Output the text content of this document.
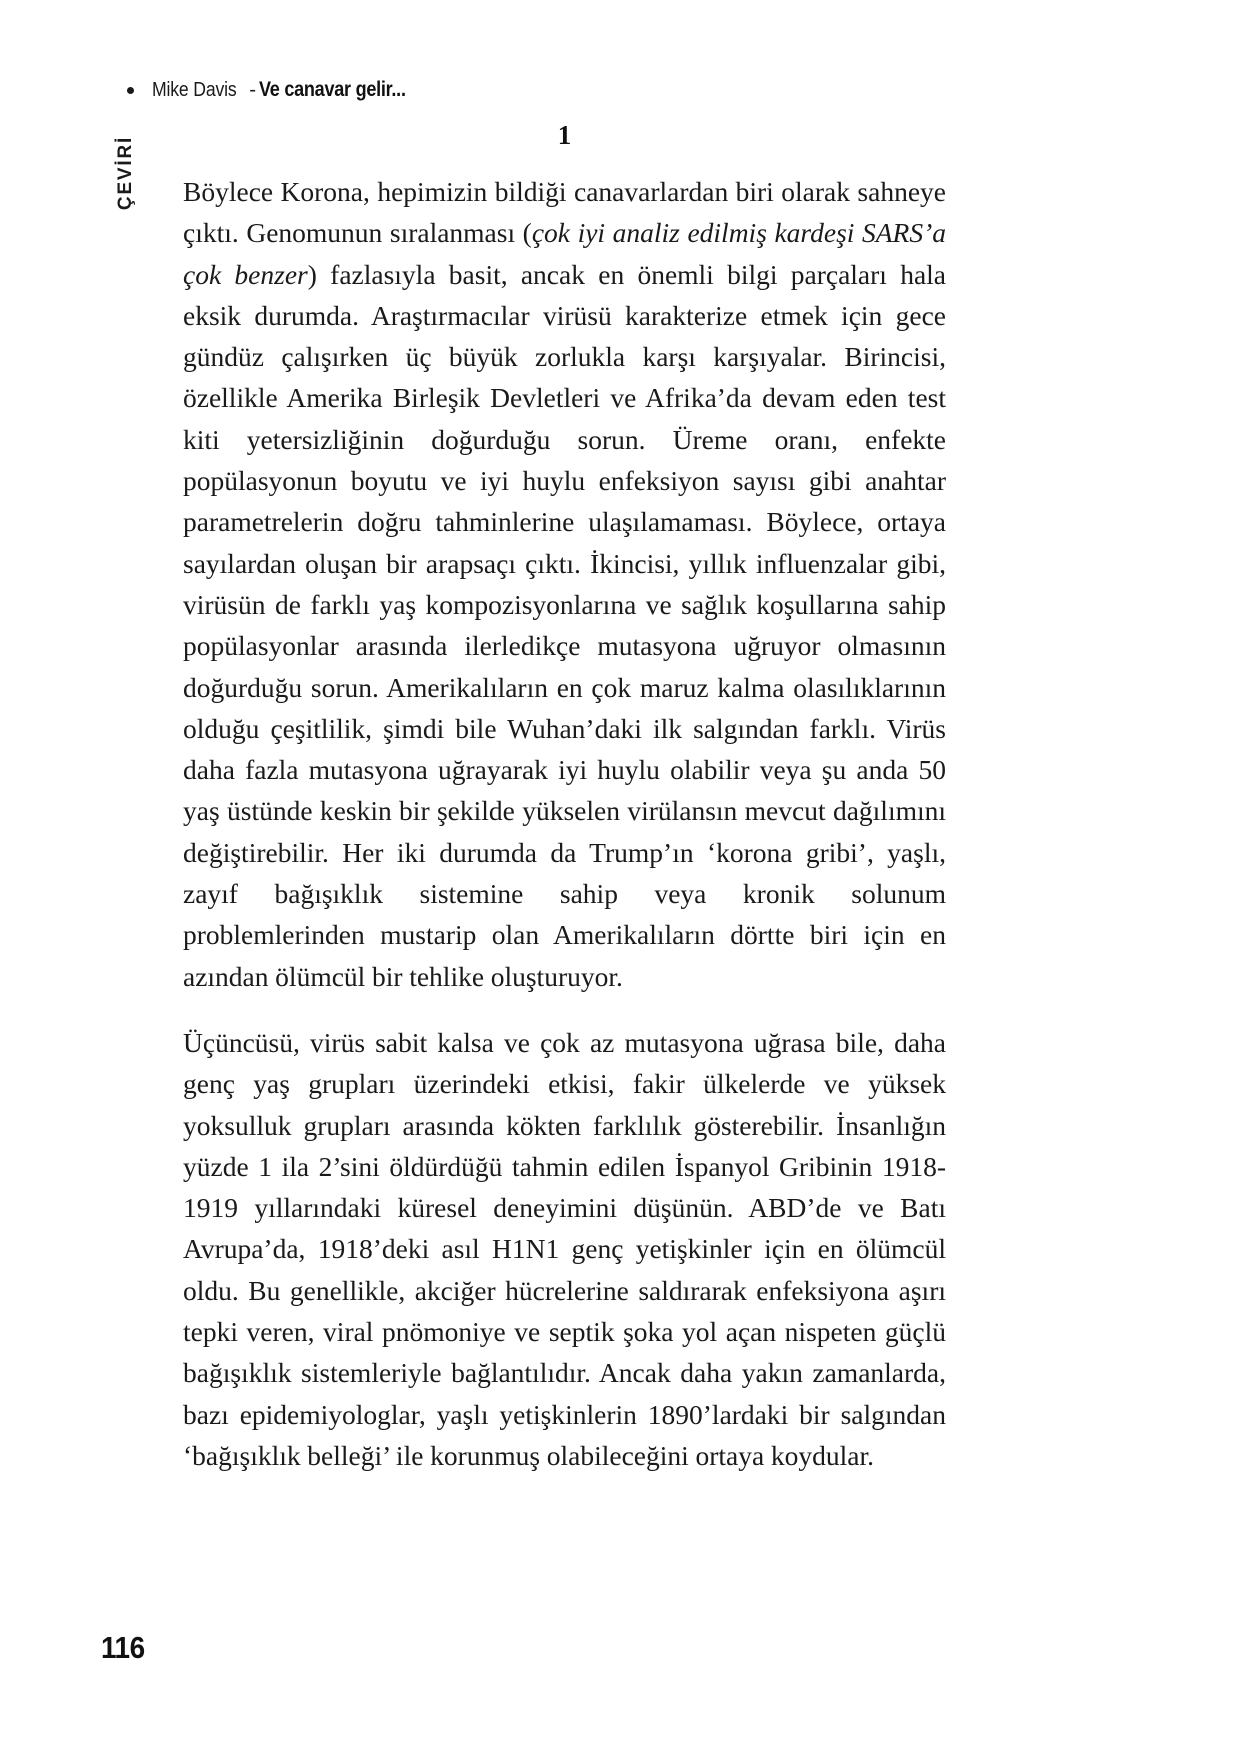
Mike Davis - Ve canavar gelir...
ÇEVİRİ
1

Böylece Korona, hepimizin bildiği canavarlardan biri olarak sahneye çıktı. Genomunun sıralanması (çok iyi analiz edilmiş kardeşi SARS’a çok benzer) fazlasıyla basit, ancak en önemli bilgi parçaları hala eksik durumda. Araştırmacılar virüsü karakterize etmek için gece gündüz çalışırken üç büyük zorlukla karşı karşıyalar. Birincisi, özellikle Amerika Birleşik Devletleri ve Afrika’da devam eden test kiti yetersizliğinin doğurduğu sorun. Üreme oranı, enfekte popülasyonun boyutu ve iyi huylu enfeksiyon sayısı gibi anahtar parametrelerin doğru tahminlerine ulaşılamaması. Böylece, ortaya sayılardan oluşan bir arapsaçı çıktı. İkincisi, yıllık influenzalar gibi, virüsün de farklı yaş kompozisyonlarına ve sağlık koşullarına sahip popülasyonlar arasında ilerledikçe mutasyona uğruyor olmasının doğurduğu sorun. Amerikalıların en çok maruz kalma olasılıklarının olduğu çeşitlilik, şimdi bile Wuhan’daki ilk salgından farklı. Virüs daha fazla mutasyona uğrayarak iyi huylu olabilir veya şu anda 50 yaş üstünde keskin bir şekilde yükselen virülansın mevcut dağılımını değiştirebilir. Her iki durumda da Trump’ın ‘korona gribi’, yaşlı, zayıf bağışıklık sistemine sahip veya kronik solunum problemlerinden mustarip olan Amerikalıların dörtte biri için en azından ölümcül bir tehlike oluşturuyor.

Üçüncüsü, virüs sabit kalsa ve çok az mutasyona uğrasa bile, daha genç yaş grupları üzerindeki etkisi, fakir ülkelerde ve yüksek yoksulluk grupları arasında kökten farklılık gösterebilir. İnsanlığın yüzde 1 ila 2’sini öldürdüğü tahmin edilen İspanyol Gribinin 1918-1919 yıllarındaki küresel deneyimini düşünün. ABD’de ve Batı Avrupa’da, 1918’deki asıl H1N1 genç yetişkinler için en ölümcül oldu. Bu genellikle, akciğer hücrelerine saldırarak enfeksiyona aşırı tepki veren, viral pnömoniye ve septik şoka yol açan nispeten güçlü bağışıklık sistemleriyle bağlantılıdır. Ancak daha yakın zamanlarda, bazı epidemiyologlar, yaşlı yetişkinlerin 1890’lardaki bir salgından ‘bağışıklık belleği’ ile korunmuş olabileceğini ortaya koydular.

116
